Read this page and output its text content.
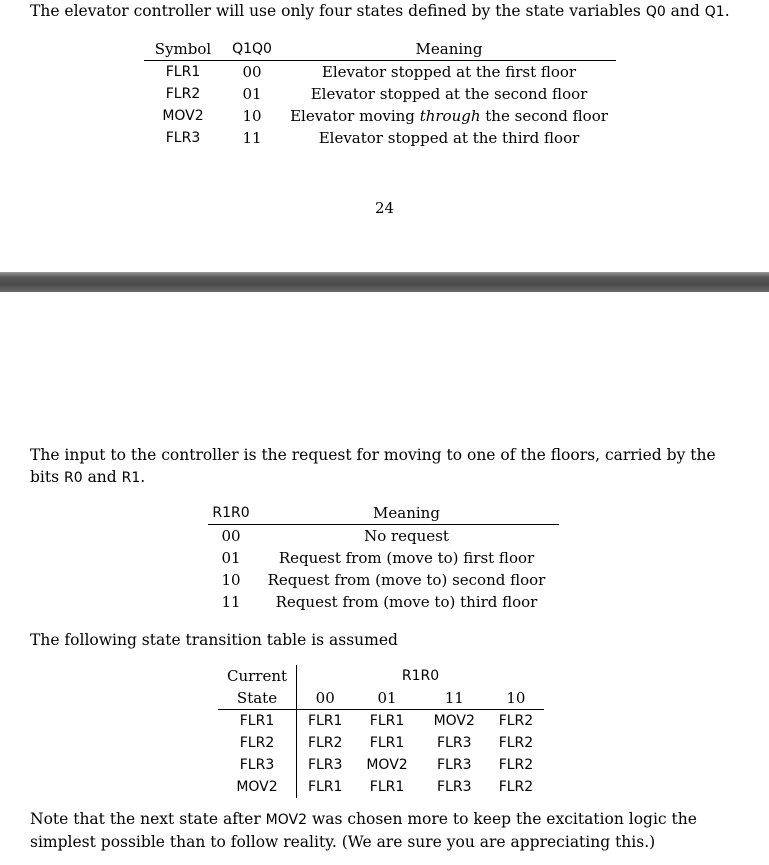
The elevator controller will use only four states defined by the state variables Q0 and Q1.

Symbol	Q1Q0	Meaning
FLR1	00	Elevator stopped at the first floor
FLR2	01	Elevator stopped at the second floor
MOV2	10	Elevator moving through the second floor
FLR3	11	Elevator stopped at the third floor
24

The input to the controller is the request for moving to one of the floors, carried by the bits R0 and R1.

R1R0	Meaning
00	No request
01	Request from (move to) first floor
10	Request from (move to) second floor
11	Request from (move to) third floor

The following state transition table is assumed

Current	R1R0			
State	00	01	11	10
FLR1	FLR1	FLR1	MOV2	FLR2
FLR2	FLR2	FLR1	FLR3	FLR2
FLR3	FLR3	MOV2	FLR3	FLR2
MOV2	FLR1	FLR1	FLR3	FLR2

Note that the next state after MOV2 was chosen more to keep the excitation logic the simplest possible than to follow reality. (We are sure you are appreciating this.)
